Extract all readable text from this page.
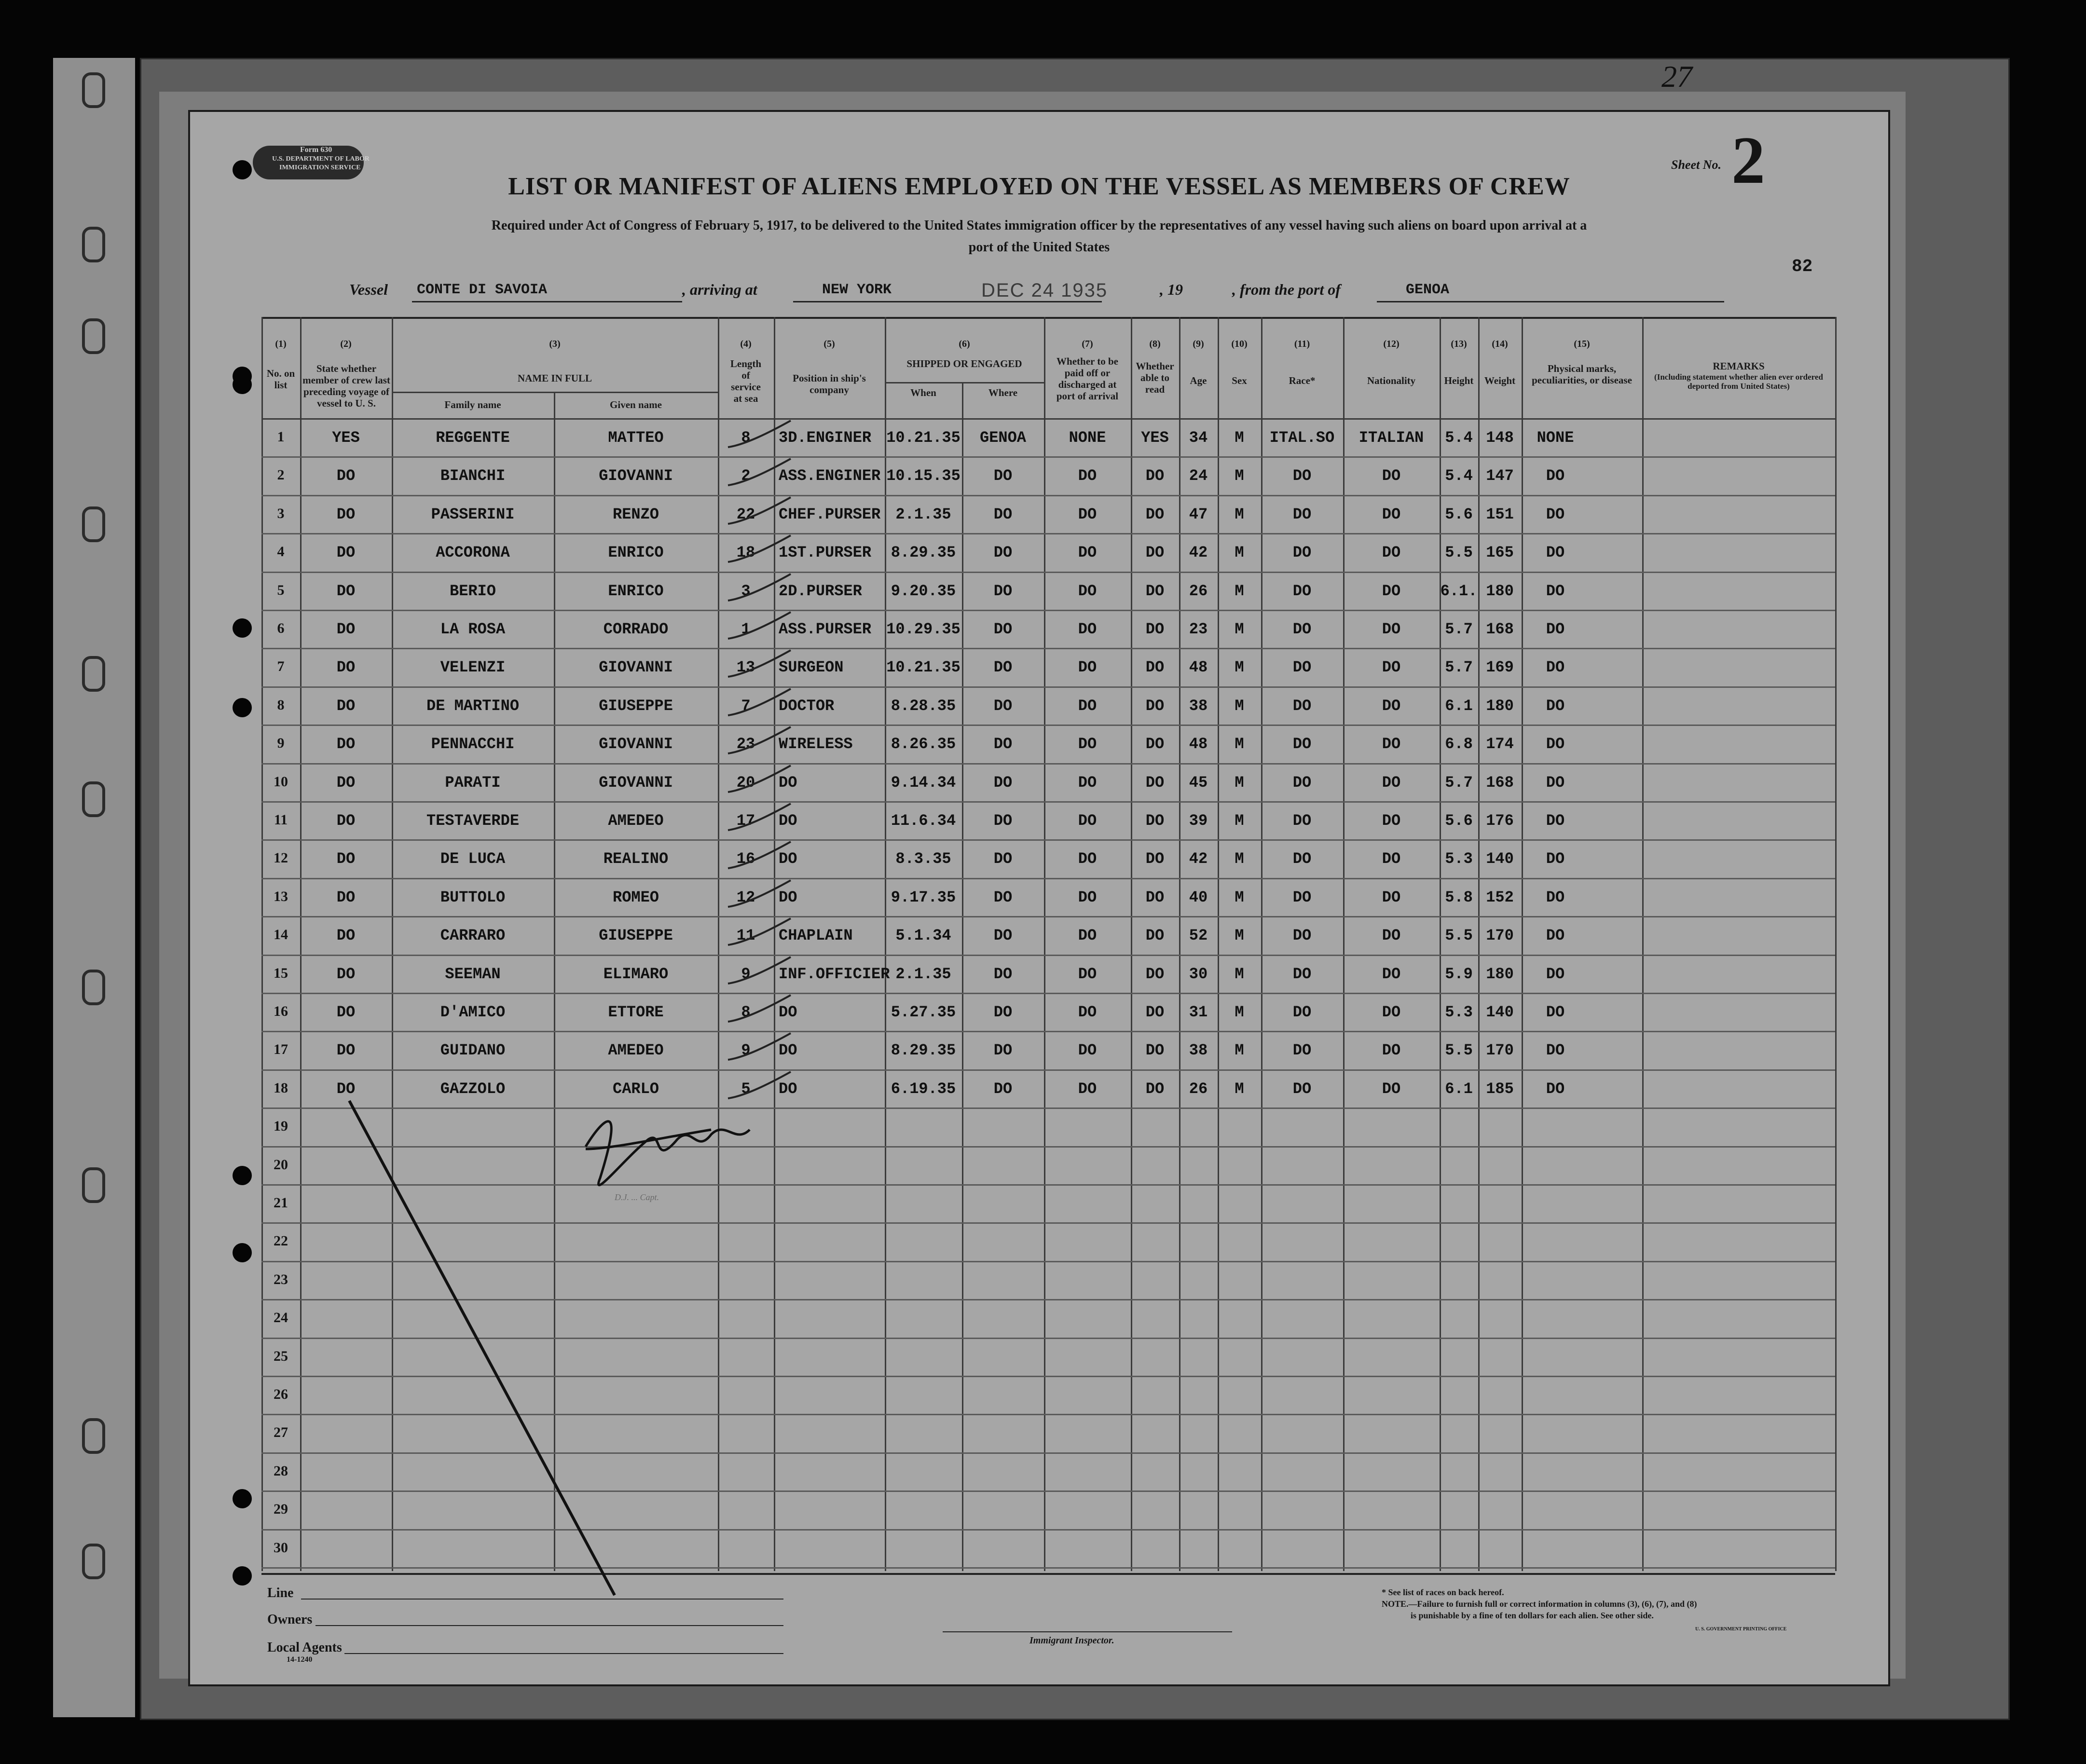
Form 630
U.S. DEPARTMENT OF LABOR
IMMIGRATION SERVICE	Sheet No. 2
27
LIST OR MANIFEST OF ALIENS EMPLOYED ON THE VESSEL AS MEMBERS OF CREW
Required under Act of Congress of February 5, 1917, to be delivered to the United States immigration officer by the representatives of any vessel having such aliens on board upon arrival at a
port of the United States
82
Vessel CONTE DI SAVOIA	, arriving at	NEW YORK	DEC 24 1935	, 19	, from the port of	GENOA
(1)
No. on list
(2)
State whether member of crew last preceding voyage of vessel to U. S.
(3)
NAME IN FULL
Family name	Given name
(4)
Length of service at sea
(5)
Position in ship's company
(6)
SHIPPED OR ENGAGED
When	Where
(7)
Whether to be paid off or discharged at port of arrival
(8)
Whether able to read
(9)
Age
(10)
Sex
(11)
Race*
(12)
Nationality
(13)
Height
(14)
Weight
(15)
Physical marks, peculiarities, or disease
REMARKS
(Including statement whether alien ever ordered deported from United States)
1	YES	REGGENTE	MATTEO	8	3D.ENGINER 10.21.35	GENOA	NONE	YES	34	M	ITAL.SO	ITALIAN	5.4 148	NONE
2	DO	BIANCHI	GIOVANNI	2	ASS.ENGINER 10.15.35	DO	DO	DO	24	M	DO	DO	5.4 147	DO
3	DO	PASSERINI	RENZO	22	CHEF.PURSER 2.1.35	DO	DO	DO	47	M	DO	DO	5.6 151	DO
4	DO	ACCORONA	ENRICO	18	1ST.PURSER	8.29.35	DO	DO	DO	42	M	DO	DO	5.5 165	DO
5	DO	BERIO	ENRICO	3	2D.PURSER	9.20.35	DO	DO	DO	26	M	DO	DO	6.1. 180	DO
6	DO	LA ROSA	CORRADO	1	ASS.PURSER 10.29.35	DO	DO	DO	23	M	DO	DO	5.7 168	DO
7	DO	VELENZI	GIOVANNI	13	SURGEON	10.21.35	DO	DO	DO	48	M	DO	DO	5.7 169	DO
8	DO	DE MARTINO	GIUSEPPE	7	DOCTOR	8.28.35	DO	DO	DO	38	M	DO	DO	6.1 180	DO
9	DO	PENNACCHI	GIOVANNI	23	WIRELESS	8.26.35	DO	DO	DO	48	M	DO	DO	6.8 174	DO
10	DO	PARATI	GIOVANNI	20	DO	9.14.34	DO	DO	DO	45	M	DO	DO	5.7 168	DO
11	DO	TESTAVERDE	AMEDEO	17	DO	11.6.34	DO	DO	DO	39	M	DO	DO	5.6 176	DO
12	DO	DE LUCA	REALINO	16	DO	8.3.35	DO	DO	DO	42	M	DO	DO	5.3 140	DO
13	DO	BUTTOLO	ROMEO	12	DO	9.17.35	DO	DO	DO	40	M	DO	DO	5.8 152	DO
14	DO	CARRARO	GIUSEPPE	11	CHAPLAIN	5.1.34	DO	DO	DO	52	M	DO	DO	5.5 170	DO
15	DO	SEEMAN	ELIMARO	9	INF.OFFICIER 2.1.35	DO	DO	DO	30	M	DO	DO	5.9 180	DO
16	DO	D'AMICO	ETTORE	8	DO	5.27.35	DO	DO	DO	31	M	DO	DO	5.3 140	DO
17	DO	GUIDANO	AMEDEO	9	DO	8.29.35	DO	DO	DO	38	M	DO	DO	5.5 170	DO
18	DO	GAZZOLO	CARLO	5	DO	6.19.35	DO	DO	DO	26	M	DO	DO	6.1 185	DO
19
20
21
22
23
24
25
26
27
28
29
30
D.J. ... Capt.
Line
Owners
Local Agents
14-1240
Immigrant Inspector.
* See list of races on back hereof.
NOTE.—Failure to furnish full or correct information in columns (3), (6), (7), and (8)
is punishable by a fine of ten dollars for each alien. See other side.
U. S. GOVERNMENT PRINTING OFFICE
